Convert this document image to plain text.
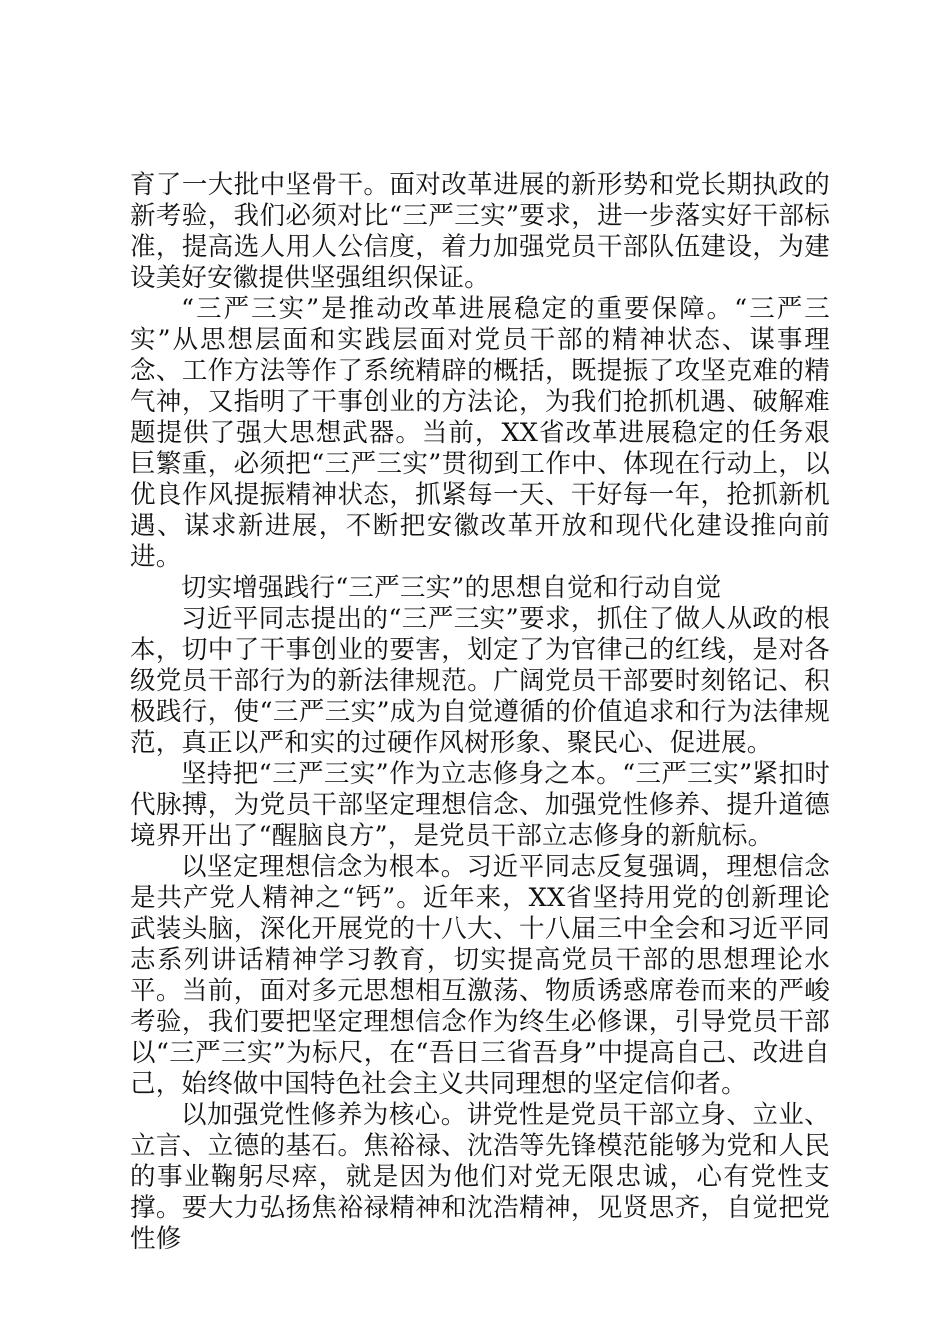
育了一大批中坚骨干。面对改革进展的新形势和党长期执政的新考验，我们必须对比“三严三实”要求，进一步落实好干部标准，提高选人用人公信度，着力加强党员干部队伍建设，为建设美好安徽提供坚强组织保证。

“三严三实”是推动改革进展稳定的重要保障。“三严三实”从思想层面和实践层面对党员干部的精神状态、谋事理念、工作方法等作了系统精辟的概括，既提振了攻坚克难的精气神，又指明了干事创业的方法论，为我们抢抓机遇、破解难题提供了强大思想武器。当前，XX省改革进展稳定的任务艰巨繁重，必须把“三严三实”贯彻到工作中、体现在行动上，以优良作风提振精神状态，抓紧每一天、干好每一年，抢抓新机遇、谋求新进展，不断把安徽改革开放和现代化建设推向前进。

切实增强践行“三严三实”的思想自觉和行动自觉

习近平同志提出的“三严三实”要求，抓住了做人从政的根本，切中了干事创业的要害，划定了为官律己的红线，是对各级党员干部行为的新法律规范。广阔党员干部要时刻铭记、积极践行，使“三严三实”成为自觉遵循的价值追求和行为法律规范，真正以严和实的过硬作风树形象、聚民心、促进展。

坚持把“三严三实”作为立志修身之本。“三严三实”紧扣时代脉搏，为党员干部坚定理想信念、加强党性修养、提升道德境界开出了“醒脑良方”，是党员干部立志修身的新航标。

以坚定理想信念为根本。习近平同志反复强调，理想信念是共产党人精神之“钙”。近年来，XX省坚持用党的创新理论武装头脑，深化开展党的十八大、十八届三中全会和习近平同志系列讲话精神学习教育，切实提高党员干部的思想理论水平。当前，面对多元思想相互激荡、物质诱惑席卷而来的严峻考验，我们要把坚定理想信念作为终生必修课，引导党员干部以“三严三实”为标尺，在“吾日三省吾身”中提高自己、改进自己，始终做中国特色社会主义共同理想的坚定信仰者。

以加强党性修养为核心。讲党性是党员干部立身、立业、立言、立德的基石。焦裕禄、沈浩等先锋模范能够为党和人民的事业鞠躬尽瘁，就是因为他们对党无限忠诚，心有党性支撑。要大力弘扬焦裕禄精神和沈浩精神，见贤思齐，自觉把党性修
